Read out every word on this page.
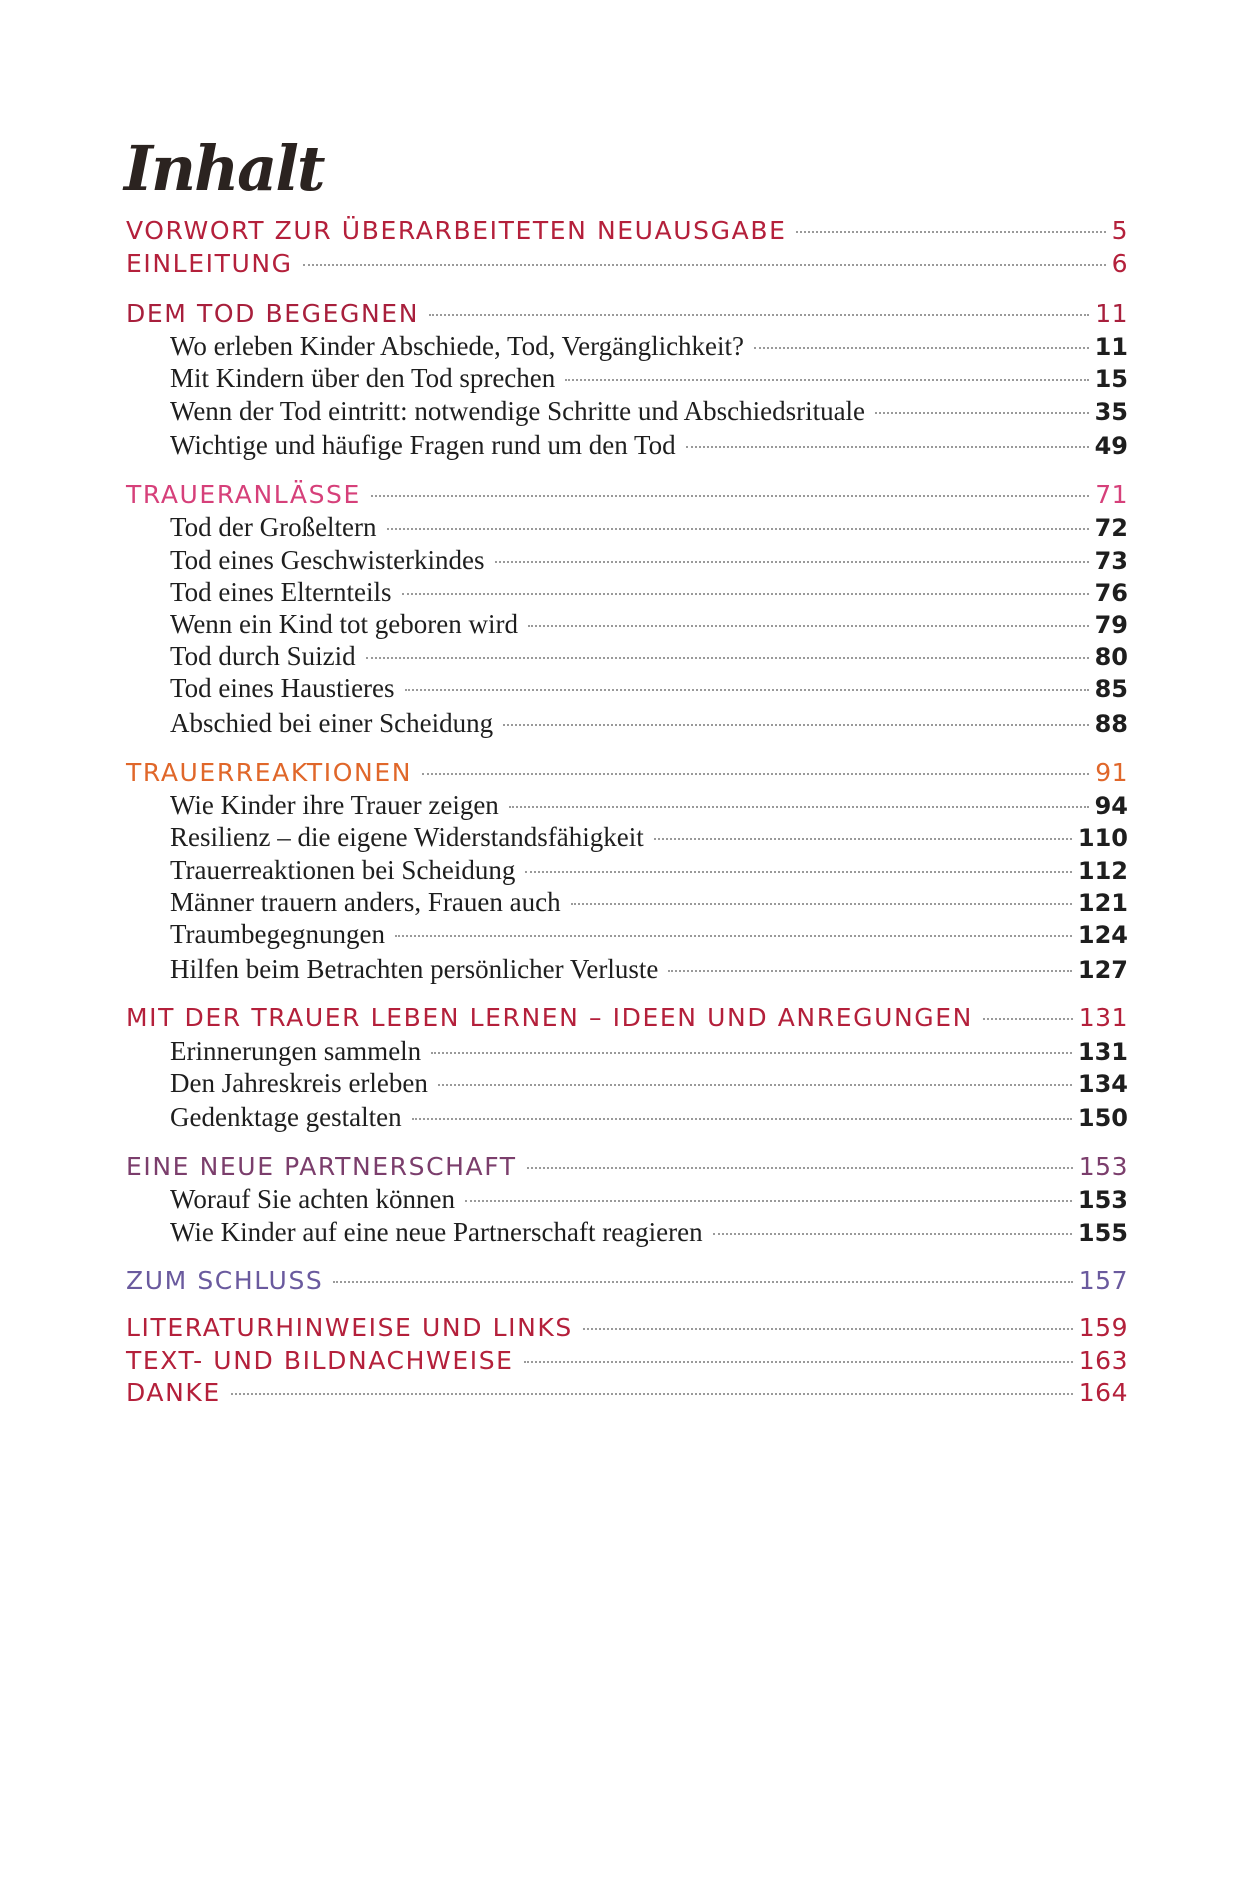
Inhalt
VORWORT ZUR ÜBERARBEITETEN NEUAUSGABE	5
EINLEITUNG	6
DEM TOD BEGEGNEN	11
Wo erleben Kinder Abschiede, Tod, Vergänglichkeit?	11
Mit Kindern über den Tod sprechen	15
Wenn der Tod eintritt: notwendige Schritte und Abschiedsrituale	35
Wichtige und häufige Fragen rund um den Tod	49
TRAUERANLÄSSE	71
Tod der Großeltern	72
Tod eines Geschwisterkindes	73
Tod eines Elternteils	76
Wenn ein Kind tot geboren wird	79
Tod durch Suizid	80
Tod eines Haustieres	85
Abschied bei einer Scheidung	88
TRAUERREAKTIONEN	91
Wie Kinder ihre Trauer zeigen	94
Resilienz – die eigene Widerstandsfähigkeit	110
Trauerreaktionen bei Scheidung	112
Männer trauern anders, Frauen auch	121
Traumbegegnungen	124
Hilfen beim Betrachten persönlicher Verluste	127
MIT DER TRAUER LEBEN LERNEN – IDEEN UND ANREGUNGEN	131
Erinnerungen sammeln	131
Den Jahreskreis erleben	134
Gedenktage gestalten	150
EINE NEUE PARTNERSCHAFT	153
Worauf Sie achten können	153
Wie Kinder auf eine neue Partnerschaft reagieren	155
ZUM SCHLUSS	157
LITERATURHINWEISE UND LINKS	159
TEXT- UND BILDNACHWEISE	163
DANKE	164
